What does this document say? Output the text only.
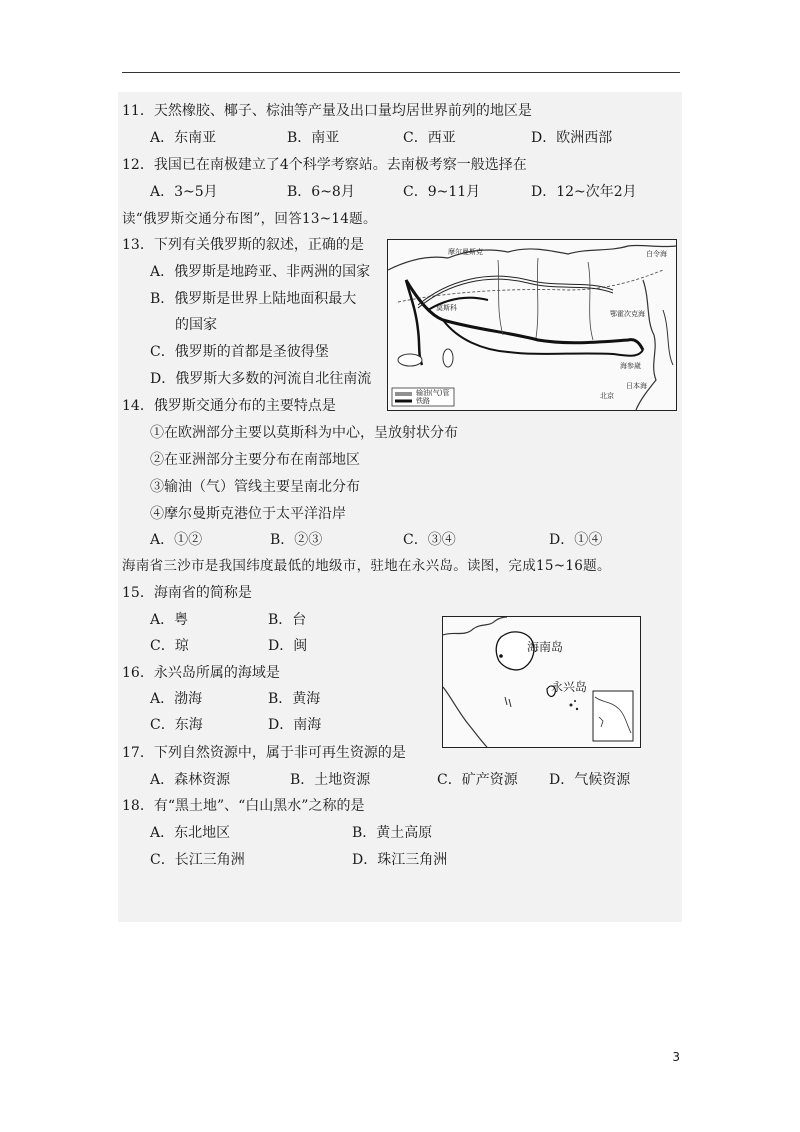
11．天然橡胶、椰子、棕油等产量及出口量均居世界前列的地区是
A．东南亚	B．南亚	C．西亚	D．欧洲西部
12．我国已在南极建立了4个科学考察站。去南极考察一般选择在
A．3~5月	B．6~8月	C．9~11月	D．12~次年2月
读“俄罗斯交通分布图”，回答13~14题。
13．下列有关俄罗斯的叙述，正确的是
A．俄罗斯是地跨亚、非两洲的国家
B．俄罗斯是世界上陆地面积最大
的国家
C．俄罗斯的首都是圣彼得堡
D．俄罗斯大多数的河流自北往南流
摩尔曼斯克
莫斯科
白令海
鄂霍次克海
海参崴
日本海
北京
输油(气)管
铁路
14．俄罗斯交通分布的主要特点是
①在欧洲部分主要以莫斯科为中心，呈放射状分布
②在亚洲部分主要分布在南部地区
③输油（气）管线主要呈南北分布
④摩尔曼斯克港位于太平洋沿岸
A．①②	B．②③	C．③④	D．①④
海南省三沙市是我国纬度最低的地级市，驻地在永兴岛。读图，完成15~16题。
15．海南省的简称是
A．粤	B．台
C．琼	D．闽
16．永兴岛所属的海域是
A．渤海	B．黄海
C．东海	D．南海
海南岛
永兴岛
17．下列自然资源中，属于非可再生资源的是
A．森林资源	B．土地资源	C．矿产资源 D．气候资源
18．有“黑土地”、“白山黑水”之称的是
A．东北地区	B．黄土高原
C．长江三角洲	D．珠江三角洲
3
